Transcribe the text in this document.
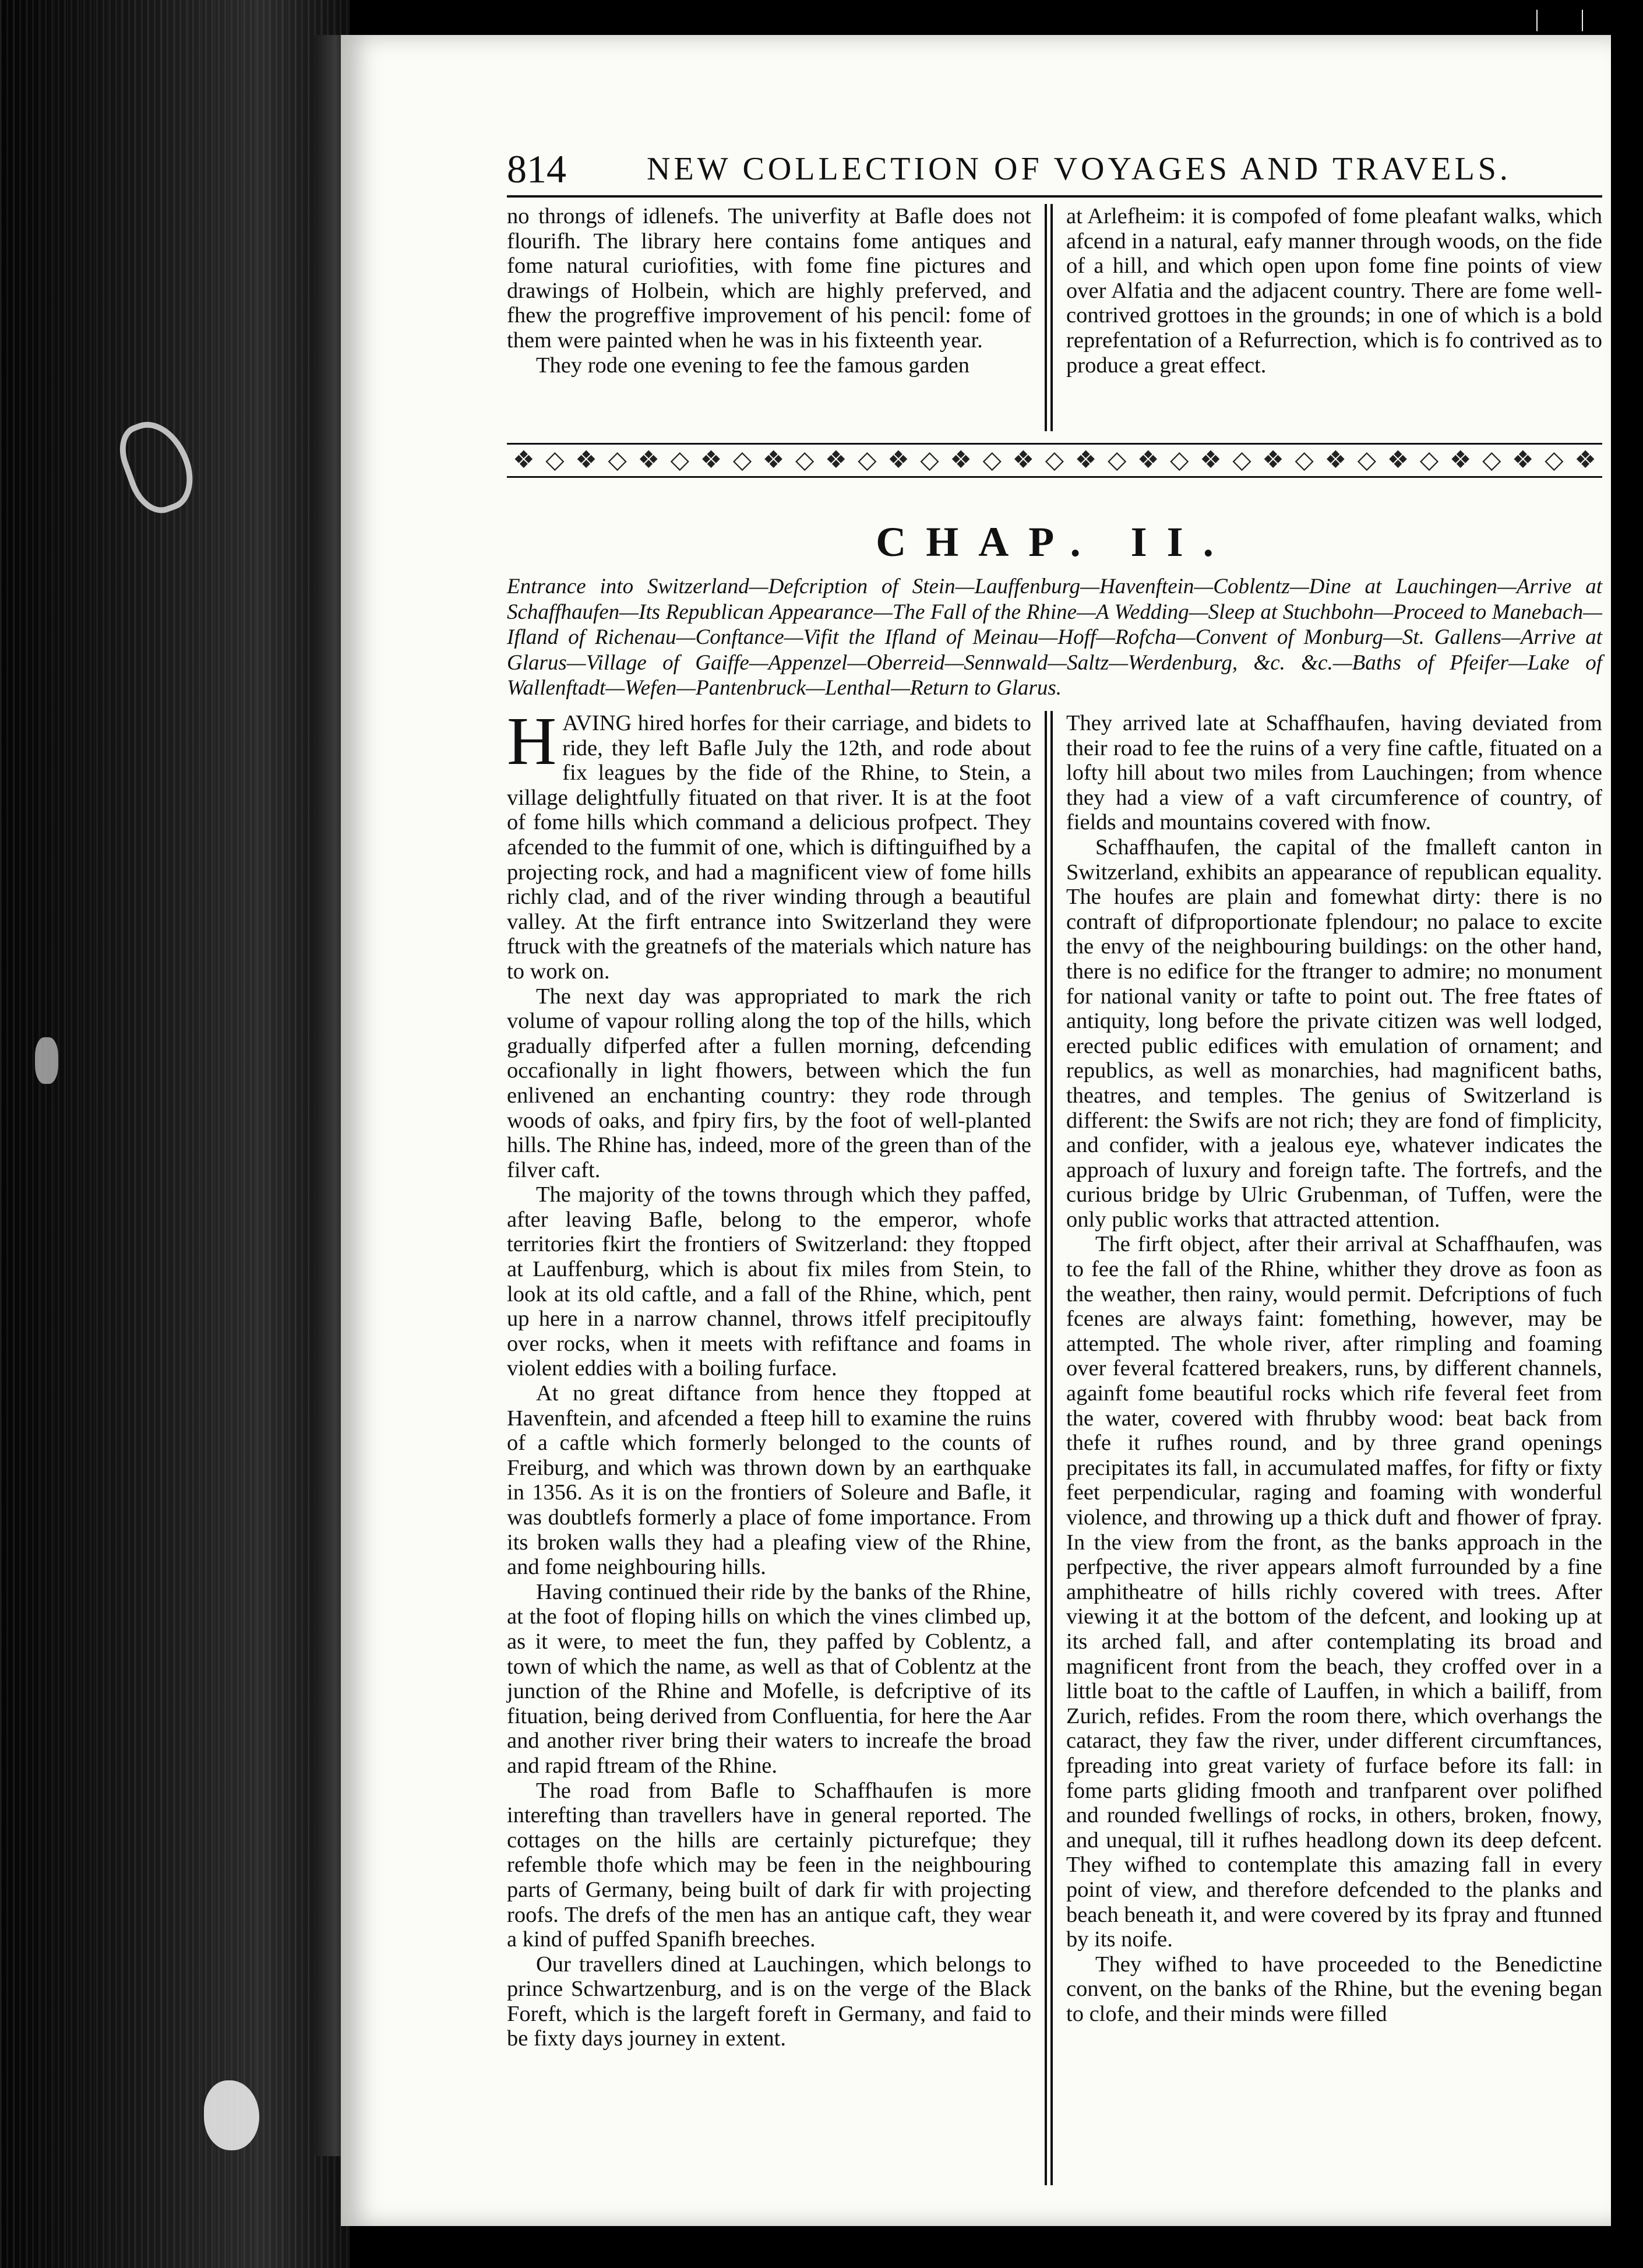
| |
814 NEW COLLECTION OF VOYAGES AND TRAVELS.

no throngs of idlenefs. The univerfity at Bafle does not flourifh. The library here contains fome antiques and fome natural curiofities, with fome fine pictures and drawings of Holbein, which are highly preferved, and fhew the progreffive improvement of his pencil: fome of them were painted when he was in his fixteenth year.

They rode one evening to fee the famous garden

at Arlefheim: it is compofed of fome pleafant walks, which afcend in a natural, eafy manner through woods, on the fide of a hill, and which open upon fome fine points of view over Alfatia and the adjacent country. There are fome well-contrived grottoes in the grounds; in one of which is a bold reprefentation of a Refurrection, which is fo contrived as to produce a great effect.

❖ ◇ ❖ ◇ ❖ ◇ ❖ ◇ ❖ ◇ ❖ ◇ ❖ ◇ ❖ ◇ ❖ ◇ ❖ ◇ ❖ ◇ ❖ ◇ ❖ ◇ ❖ ◇ ❖ ◇ ❖ ◇ ❖ ◇ ❖
CHAP. II.
Entrance into Switzerland—Defcription of Stein—Lauffenburg—Havenftein—Coblentz—Dine at Lauchingen—Arrive at Schaffhaufen—Its Republican Appearance—The Fall of the Rhine—A Wedding—Sleep at Stuchbohn—Proceed to Manebach—Ifland of Richenau—Conftance—Vifit the Ifland of Meinau—Hoff—Rofcha—Convent of Monburg—St. Gallens—Arrive at Glarus—Village of Gaiffe—Appenzel—Oberreid—Sennwald—Saltz—Werdenburg, &c. &c.—Baths of Pfeifer—Lake of Wallenftadt—Wefen—Pantenbruck—Lenthal—Return to Glarus.

HAVING hired horfes for their carriage, and bidets to ride, they left Bafle July the 12th, and rode about fix leagues by the fide of the Rhine, to Stein, a village delightfully fituated on that river. It is at the foot of fome hills which command a delicious profpect. They afcended to the fummit of one, which is diftinguifhed by a projecting rock, and had a magnificent view of fome hills richly clad, and of the river winding through a beautiful valley. At the firft entrance into Switzerland they were ftruck with the greatnefs of the materials which nature has to work on.

The next day was appropriated to mark the rich volume of vapour rolling along the top of the hills, which gradually difperfed after a fullen morning, defcending occafionally in light fhowers, between which the fun enlivened an enchanting country: they rode through woods of oaks, and fpiry firs, by the foot of well-planted hills. The Rhine has, indeed, more of the green than of the filver caft.

The majority of the towns through which they paffed, after leaving Bafle, belong to the emperor, whofe territories fkirt the frontiers of Switzerland: they ftopped at Lauffenburg, which is about fix miles from Stein, to look at its old caftle, and a fall of the Rhine, which, pent up here in a narrow channel, throws itfelf precipitoufly over rocks, when it meets with refiftance and foams in violent eddies with a boiling furface.

At no great diftance from hence they ftopped at Havenftein, and afcended a fteep hill to examine the ruins of a caftle which formerly belonged to the counts of Freiburg, and which was thrown down by an earthquake in 1356. As it is on the frontiers of Soleure and Bafle, it was doubtlefs formerly a place of fome importance. From its broken walls they had a pleafing view of the Rhine, and fome neighbouring hills.

Having continued their ride by the banks of the Rhine, at the foot of floping hills on which the vines climbed up, as it were, to meet the fun, they paffed by Coblentz, a town of which the name, as well as that of Coblentz at the junction of the Rhine and Mofelle, is defcriptive of its fituation, being derived from Confluentia, for here the Aar and another river bring their waters to increafe the broad and rapid ftream of the Rhine.

The road from Bafle to Schaffhaufen is more interefting than travellers have in general reported. The cottages on the hills are certainly picturefque; they refemble thofe which may be feen in the neighbouring parts of Germany, being built of dark fir with projecting roofs. The drefs of the men has an antique caft, they wear a kind of puffed Spanifh breeches.

Our travellers dined at Lauchingen, which belongs to prince Schwartzenburg, and is on the verge of the Black Foreft, which is the largeft foreft in Germany, and faid to be fixty days journey in extent.

They arrived late at Schaffhaufen, having deviated from their road to fee the ruins of a very fine caftle, fituated on a lofty hill about two miles from Lauchingen; from whence they had a view of a vaft circumference of country, of fields and mountains covered with fnow.

Schaffhaufen, the capital of the fmalleft canton in Switzerland, exhibits an appearance of republican equality. The houfes are plain and fomewhat dirty: there is no contraft of difproportionate fplendour; no palace to excite the envy of the neighbouring buildings: on the other hand, there is no edifice for the ftranger to admire; no monument for national vanity or tafte to point out. The free ftates of antiquity, long before the private citizen was well lodged, erected public edifices with emulation of ornament; and republics, as well as monarchies, had magnificent baths, theatres, and temples. The genius of Switzerland is different: the Swifs are not rich; they are fond of fimplicity, and confider, with a jealous eye, whatever indicates the approach of luxury and foreign tafte. The fortrefs, and the curious bridge by Ulric Grubenman, of Tuffen, were the only public works that attracted attention.

The firft object, after their arrival at Schaffhaufen, was to fee the fall of the Rhine, whither they drove as foon as the weather, then rainy, would permit. Defcriptions of fuch fcenes are always faint: fomething, however, may be attempted. The whole river, after rimpling and foaming over feveral fcattered breakers, runs, by different channels, againft fome beautiful rocks which rife feveral feet from the water, covered with fhrubby wood: beat back from thefe it rufhes round, and by three grand openings precipitates its fall, in accumulated maffes, for fifty or fixty feet perpendicular, raging and foaming with wonderful violence, and throwing up a thick duft and fhower of fpray. In the view from the front, as the banks approach in the perfpective, the river appears almoft furrounded by a fine amphitheatre of hills richly covered with trees. After viewing it at the bottom of the defcent, and looking up at its arched fall, and after contemplating its broad and magnificent front from the beach, they croffed over in a little boat to the caftle of Lauffen, in which a bailiff, from Zurich, refides. From the room there, which overhangs the cataract, they faw the river, under different circumftances, fpreading into great variety of furface before its fall: in fome parts gliding fmooth and tranfparent over polifhed and rounded fwellings of rocks, in others, broken, fnowy, and unequal, till it rufhes headlong down its deep defcent. They wifhed to contemplate this amazing fall in every point of view, and therefore defcended to the planks and beach beneath it, and were covered by its fpray and ftunned by its noife.

They wifhed to have proceeded to the Benedictine convent, on the banks of the Rhine, but the evening began to clofe, and their minds were filled
